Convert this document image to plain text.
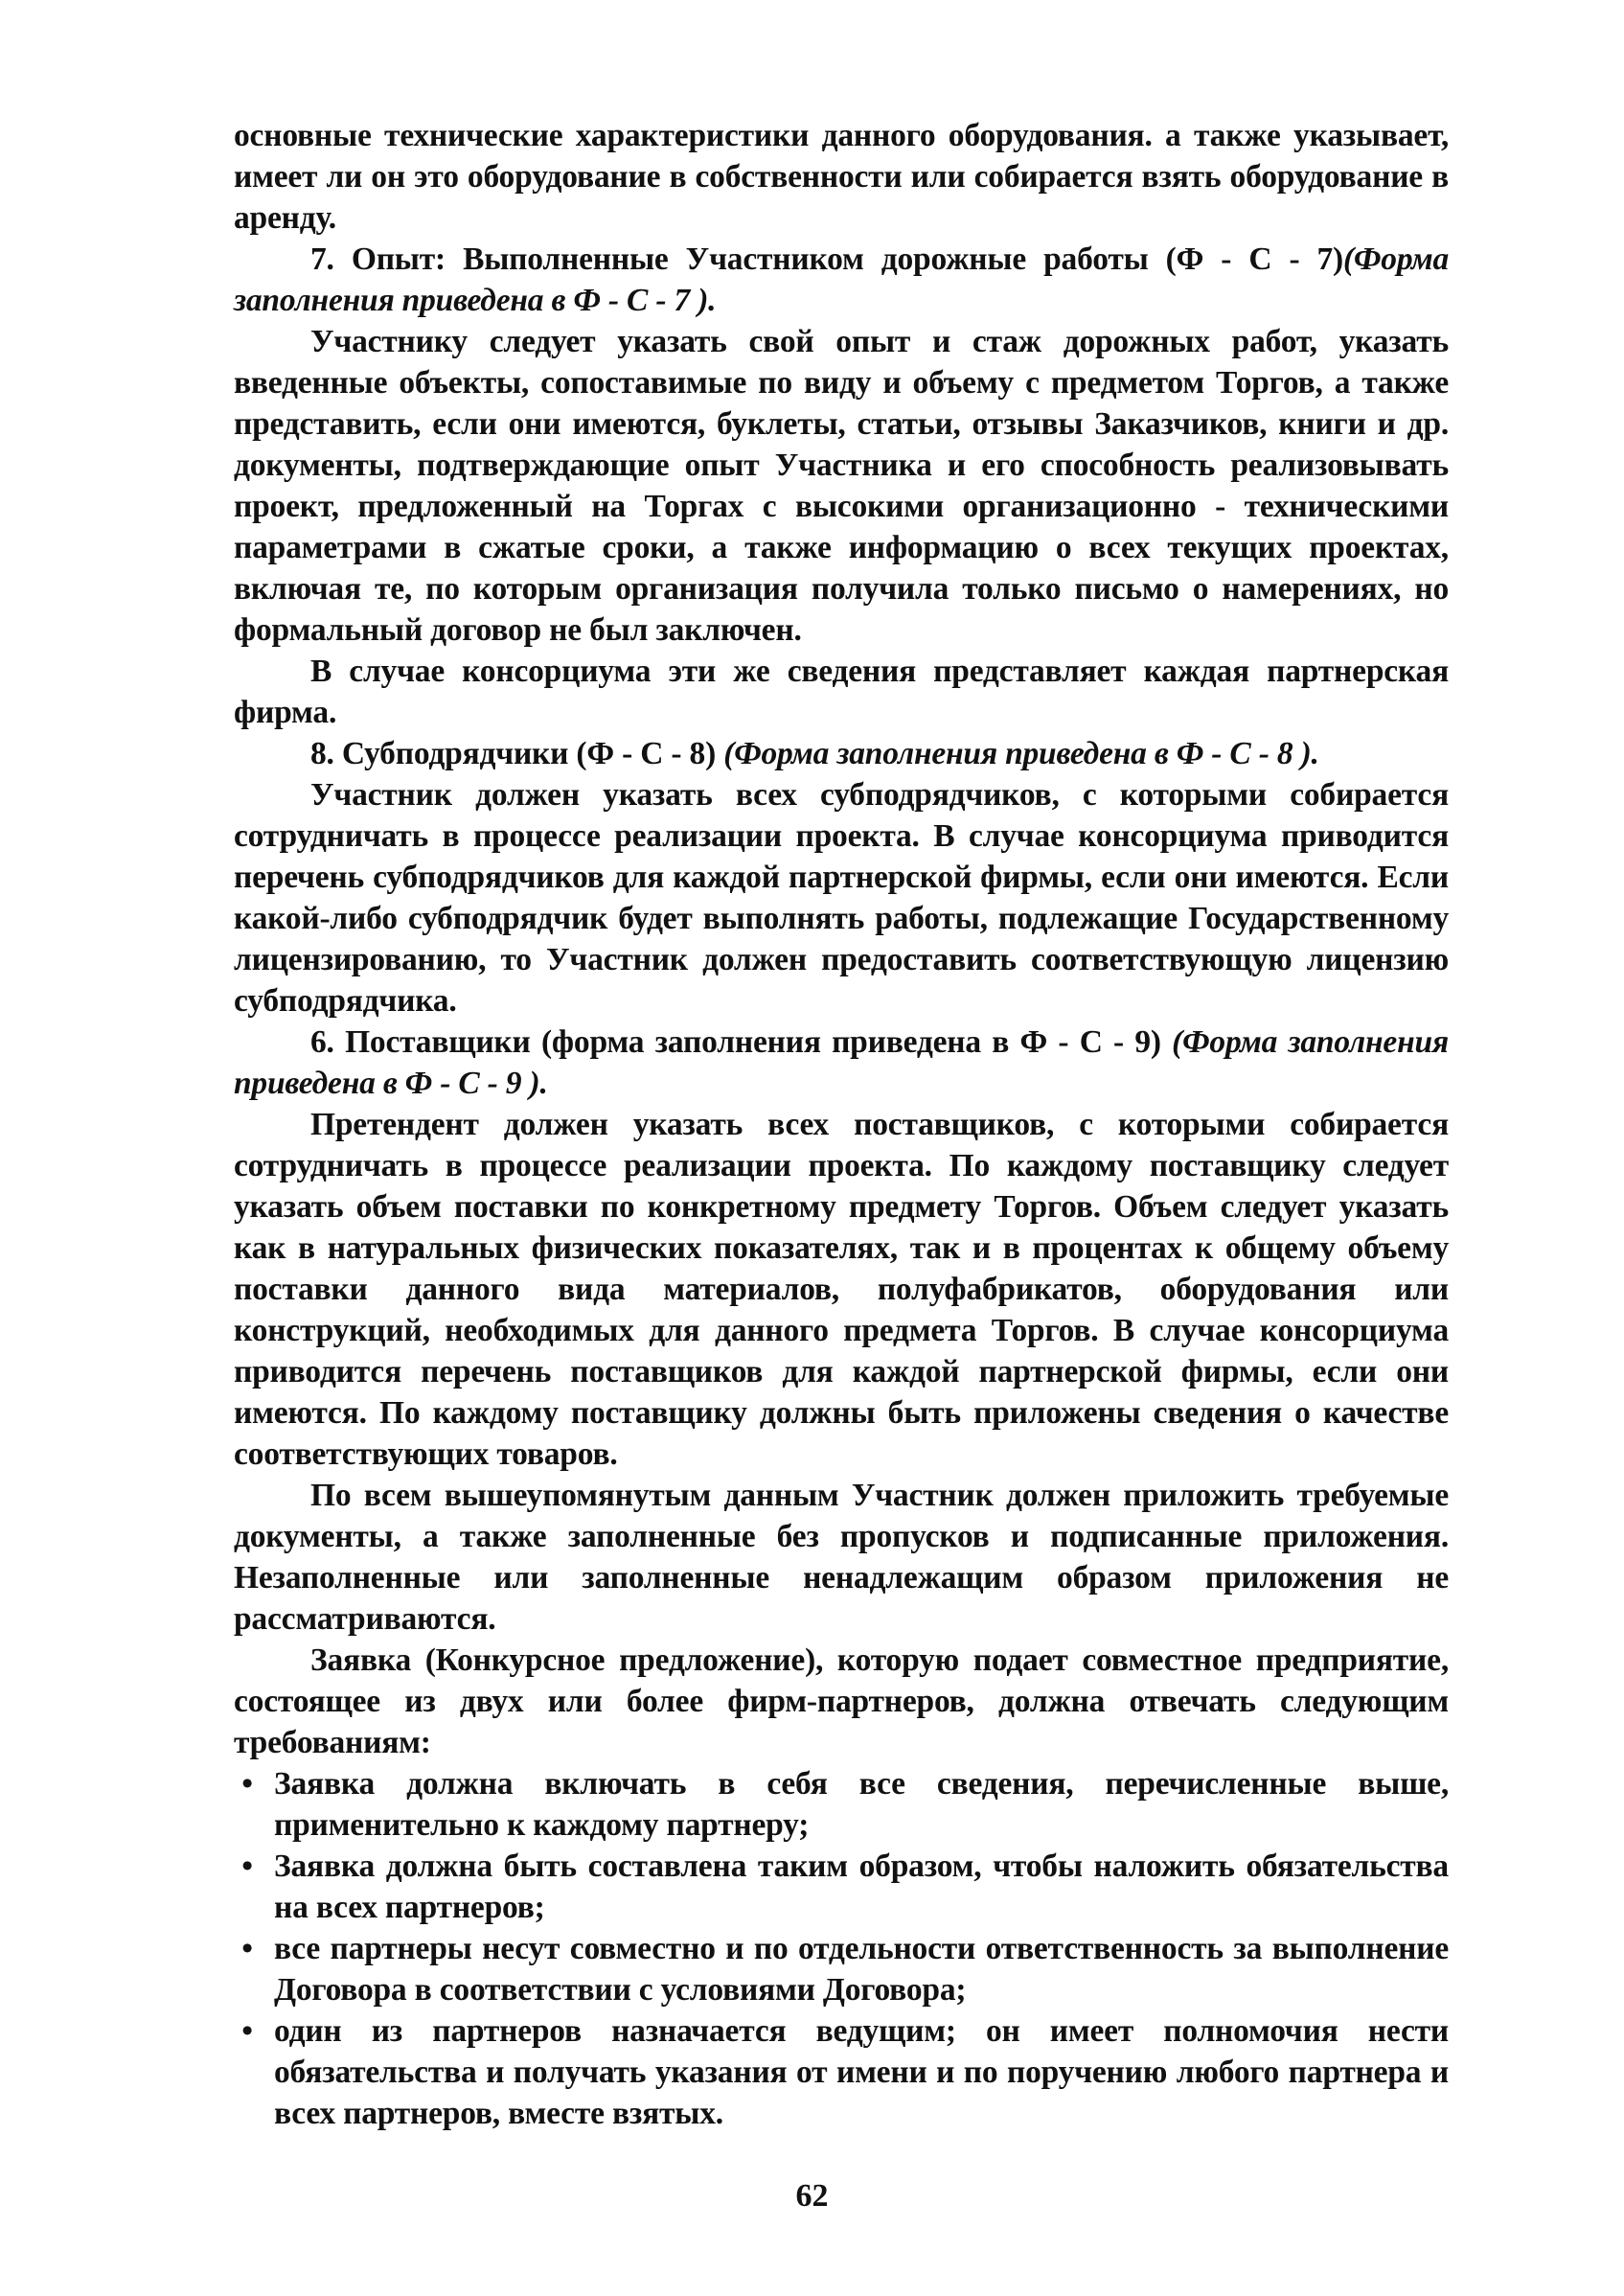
основные технические характеристики данного оборудования. а также указывает, имеет ли он это оборудование в собственности или собирается взять оборудование в аренду.

7. Опыт: Выполненные Участником дорожные работы (Ф - С - 7)(Форма заполнения приведена в Ф - С - 7 ).

Участнику следует указать свой опыт и стаж дорожных работ, указать введенные объекты, сопоставимые по виду и объему с предметом Торгов, а также представить, если они имеются, буклеты, статьи, отзывы Заказчиков, книги и др. документы, подтверждающие опыт Участника и его способность реализовывать проект, предложенный на Торгах с высокими организационно - техническими параметрами в сжатые сроки, а также информацию о всех текущих проектах, включая те, по которым организация получила только письмо о намерениях, но формальный договор не был заключен.

В случае консорциума эти же сведения представляет каждая партнерская фирма.

8. Субподрядчики (Ф - С - 8) (Форма заполнения приведена в Ф - С - 8 ).

Участник должен указать всех субподрядчиков, с которыми собирается сотрудничать в процессе реализации проекта. В случае консорциума приводится перечень субподрядчиков для каждой партнерской фирмы, если они имеются. Если какой-либо субподрядчик будет выполнять работы, подлежащие Государственному лицензированию, то Участник должен предоставить соответствующую лицензию субподрядчика.

6. Поставщики (форма заполнения приведена в Ф - С - 9) (Форма заполнения приведена в Ф - С - 9 ).

Претендент должен указать всех поставщиков, с которыми собирается сотрудничать в процессе реализации проекта. По каждому поставщику следует указать объем поставки по конкретному предмету Торгов. Объем следует указать как в натуральных физических показателях, так и в процентах к общему объему поставки данного вида материалов, полуфабрикатов, оборудования или конструкций, необходимых для данного предмета Торгов. В случае консорциума приводится перечень поставщиков для каждой партнерской фирмы, если они имеются. По каждому поставщику должны быть приложены сведения о качестве соответствующих товаров.

По всем вышеупомянутым данным Участник должен приложить требуемые документы, а также заполненные без пропусков и подписанные приложения. Незаполненные или заполненные ненадлежащим образом приложения не рассматриваются.

Заявка (Конкурсное предложение), которую подает совместное предприятие, состоящее из двух или более фирм-партнеров, должна отвечать следующим требованиям:

• Заявка должна включать в себя все сведения, перечисленные выше, применительно к каждому партнеру;
• Заявка должна быть составлена таким образом, чтобы наложить обязательства на всех партнеров;
• все партнеры несут совместно и по отдельности ответственность за выполнение Договора в соответствии с условиями Договора;
• один из партнеров назначается ведущим; он имеет полномочия нести обязательства и получать указания от имени и по поручению любого партнера и всех партнеров, вместе взятых.
62
